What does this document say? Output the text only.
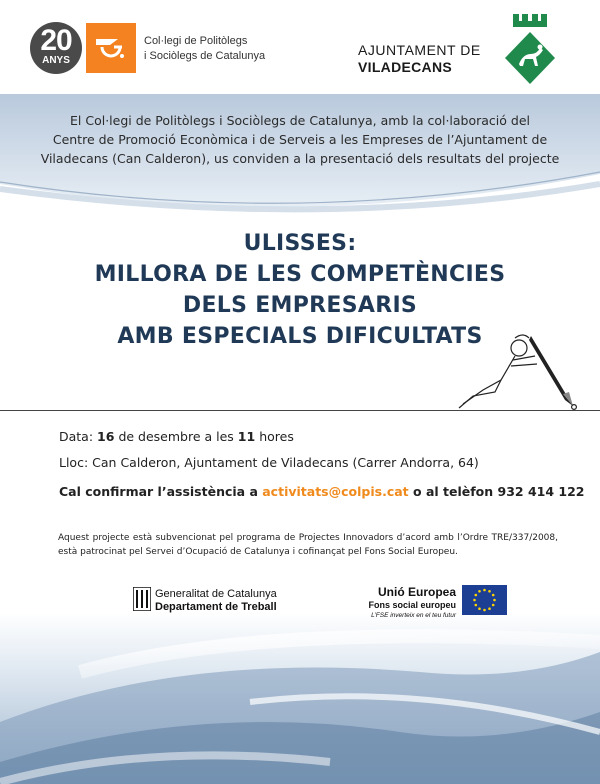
20
ANYS
Col·legi de Politòlegs
i Sociòlegs de Catalunya	AJUNTAMENT DE
VILADECANS
El Col·legi de Politòlegs i Sociòlegs de Catalunya, amb la col·laboració del
Centre de Promoció Econòmica i de Serveis a les Empreses de l’Ajuntament de
Viladecans (Can Calderon), us conviden a la presentació dels resultats del projecte
ULISSES:
MILLORA DE LES COMPETÈNCIES
DELS EMPRESARIS
AMB ESPECIALS DIFICULTATS
Data: 16 de desembre a les 11 hores
Lloc: Can Calderon, Ajuntament de Viladecans (Carrer Andorra, 64)
Cal confirmar l’assistència a activitats@colpis.cat o al telèfon 932 414 122
Aquest projecte està subvencionat pel programa de Projectes Innovadors d’acord amb l’Ordre TRE/337/2008, està patrocinat pel Servei d’Ocupació de Catalunya i cofinançat pel Fons Social Europeu.
Generalitat de Catalunya
Departament de Treball
Unió Europea
Fons social europeu
L’FSE inverteix en el teu futur
